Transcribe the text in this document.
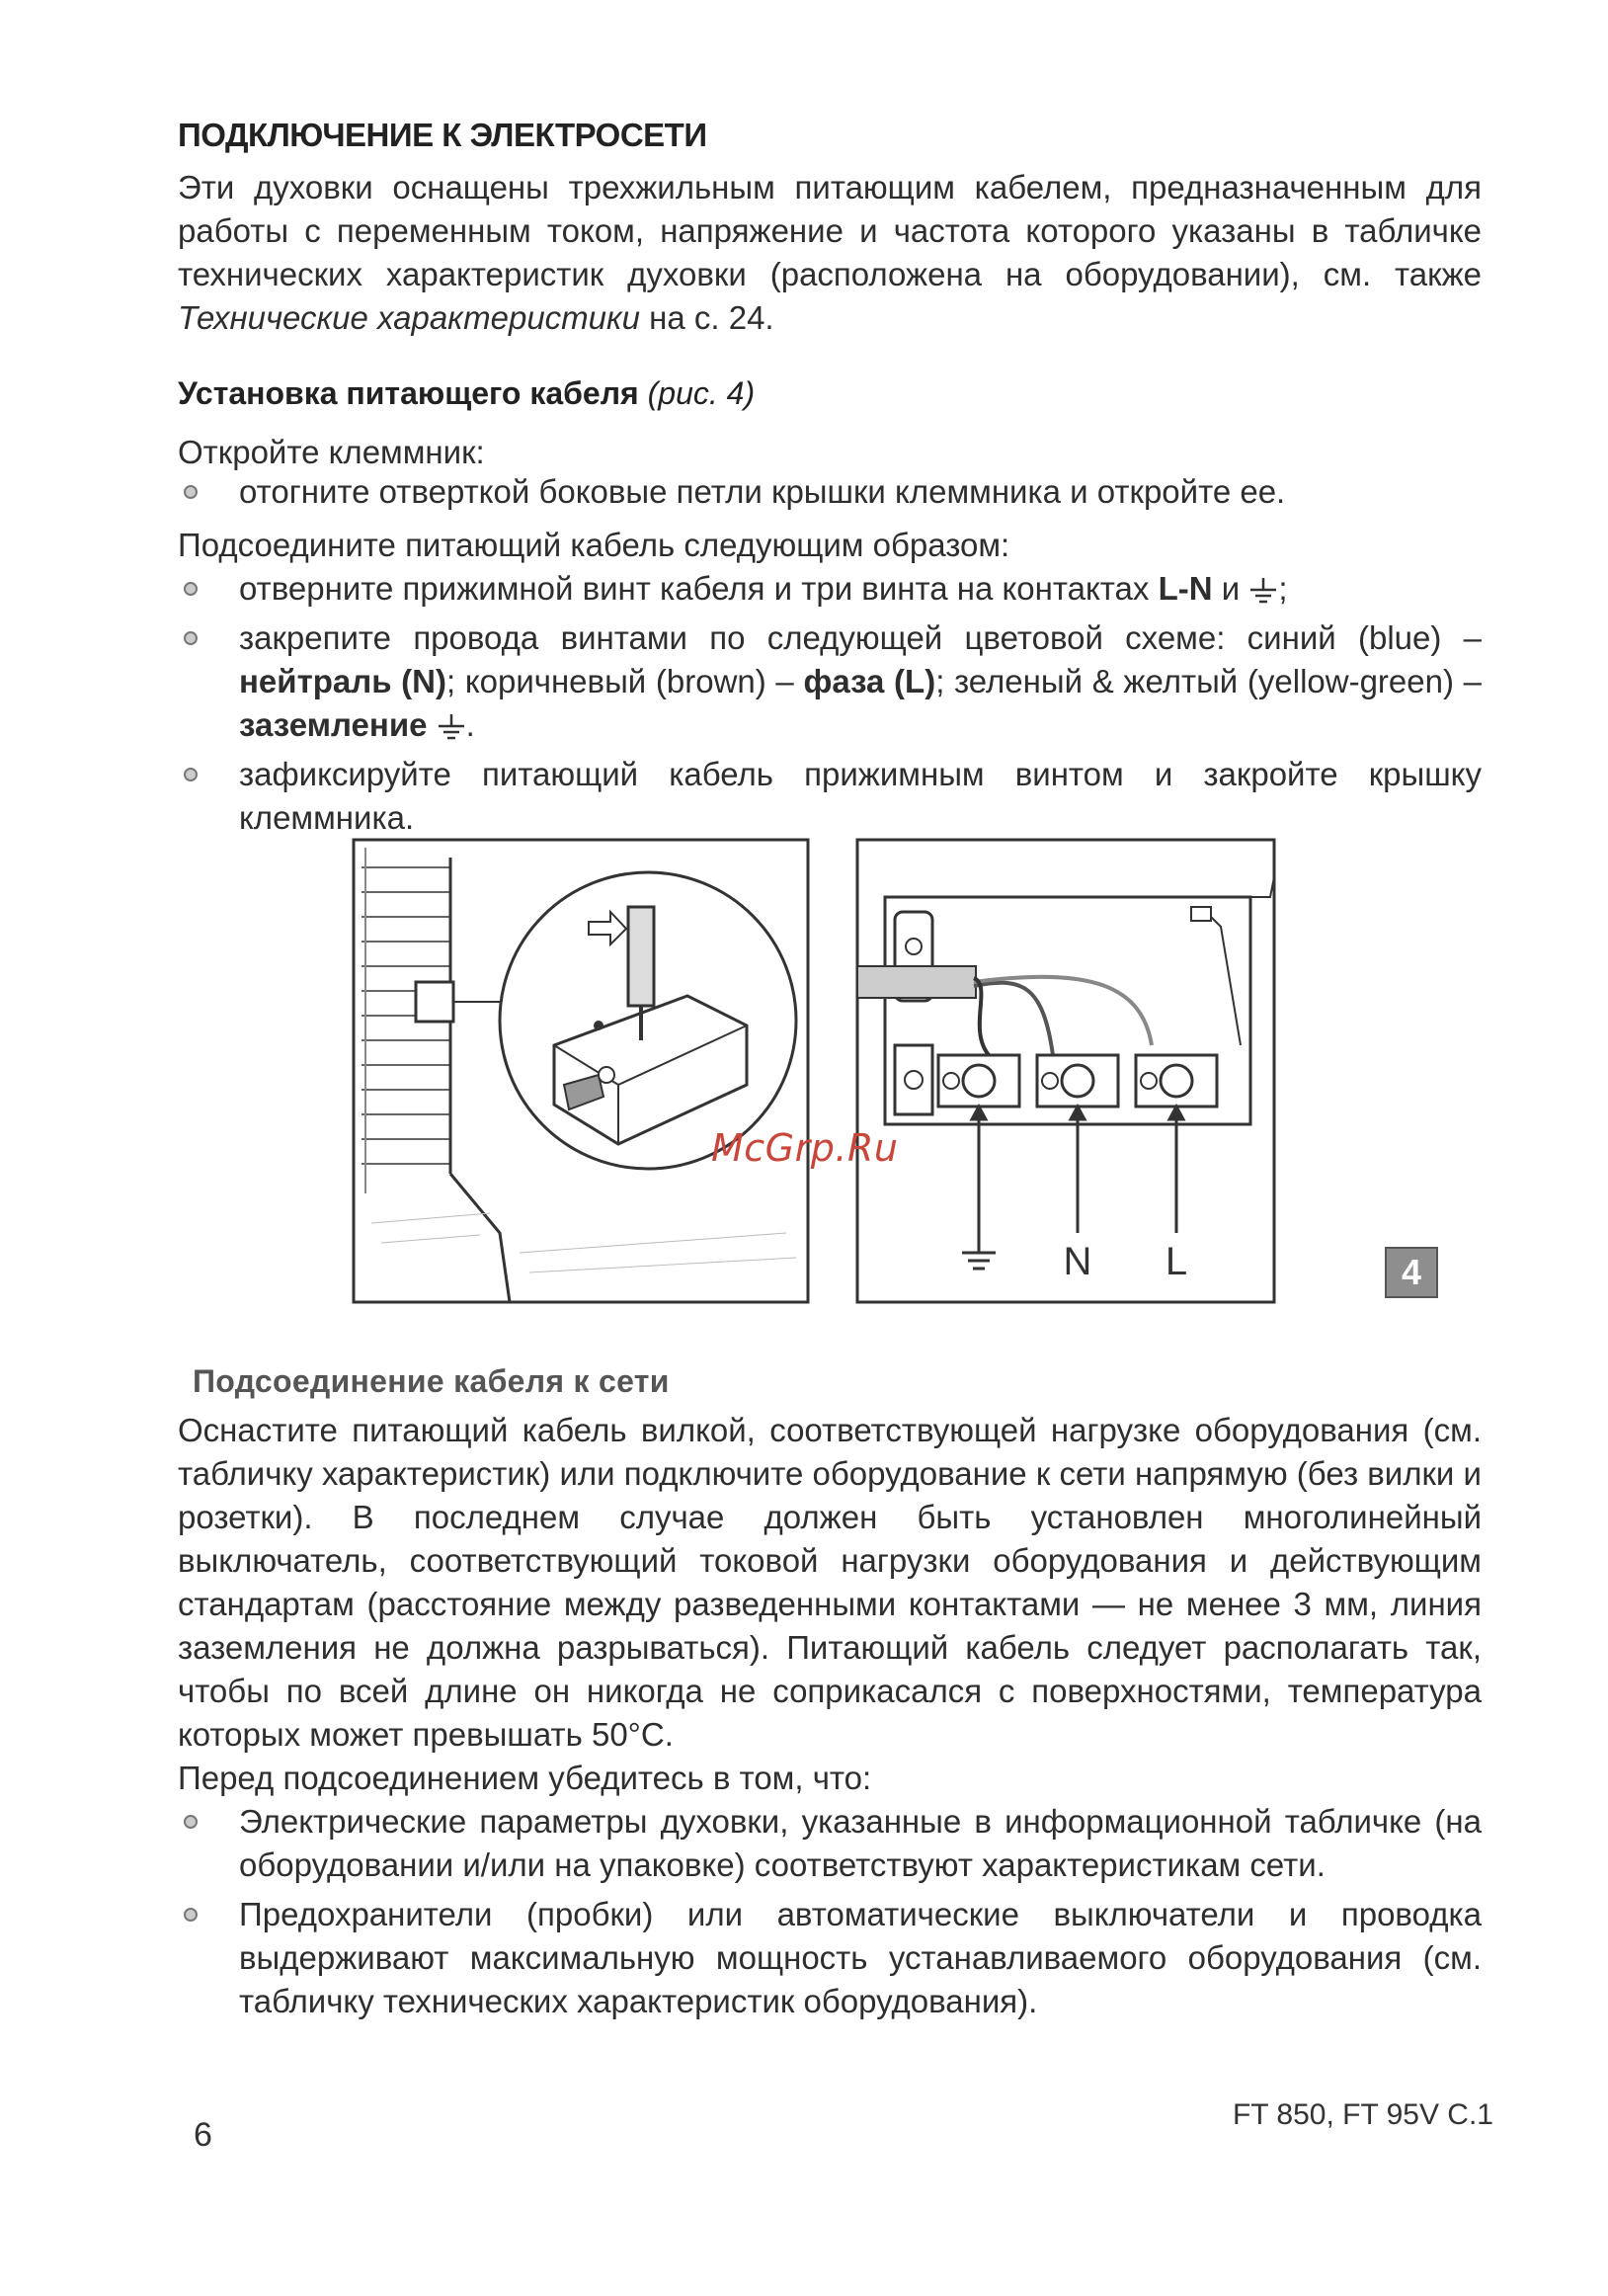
ПОДКЛЮЧЕНИЕ К ЭЛЕКТРОСЕТИ

Эти духовки оснащены трехжильным питающим кабелем, предназначенным для работы с переменным током, напряжение и частота которого указаны в табличке технических характеристик духовки (расположена на оборудовании), см. также Технические характеристики на с. 24.

Установка питающего кабеля (рис. 4)

Откройте клеммник:

отогните отверткой боковые петли крышки клеммника и откройте ее.

Подсоедините питающий кабель следующим образом:

отверните прижимной винт кабеля и три винта на контактах L-N и ;
закрепите провода винтами по следующей цветовой схеме: синий (blue) – нейтраль (N); коричневый (brown) – фаза (L); зеленый & желтый (yellow-green) – заземление .
зафиксируйте питающий кабель прижимным винтом и закройте крышку клеммника.
N L	4
McGrp.Ru
Подсоединение кабеля к сети

Оснастите питающий кабель вилкой, соответствующей нагрузке оборудования (см. табличку характеристик) или подключите оборудование к сети напрямую (без вилки и розетки). В последнем случае должен быть установлен многолинейный выключатель, соответствующий токовой нагрузки оборудования и действующим стандартам (расстояние между разведенными контактами — не менее 3 мм, линия заземления не должна разрываться). Питающий кабель следует располагать так, чтобы по всей длине он никогда не соприкасался с поверхностями, температура которых может превышать 50°С.

Перед подсоединением убедитесь в том, что:

Электрические параметры духовки, указанные в информационной табличке (на оборудовании и/или на упаковке) соответствуют характеристикам сети.
Предохранители (пробки) или автоматические выключатели и проводка выдерживают максимальную мощность устанавливаемого оборудования (см. табличку технических характеристик оборудования).

6

FT 850, FT 95V C.1
